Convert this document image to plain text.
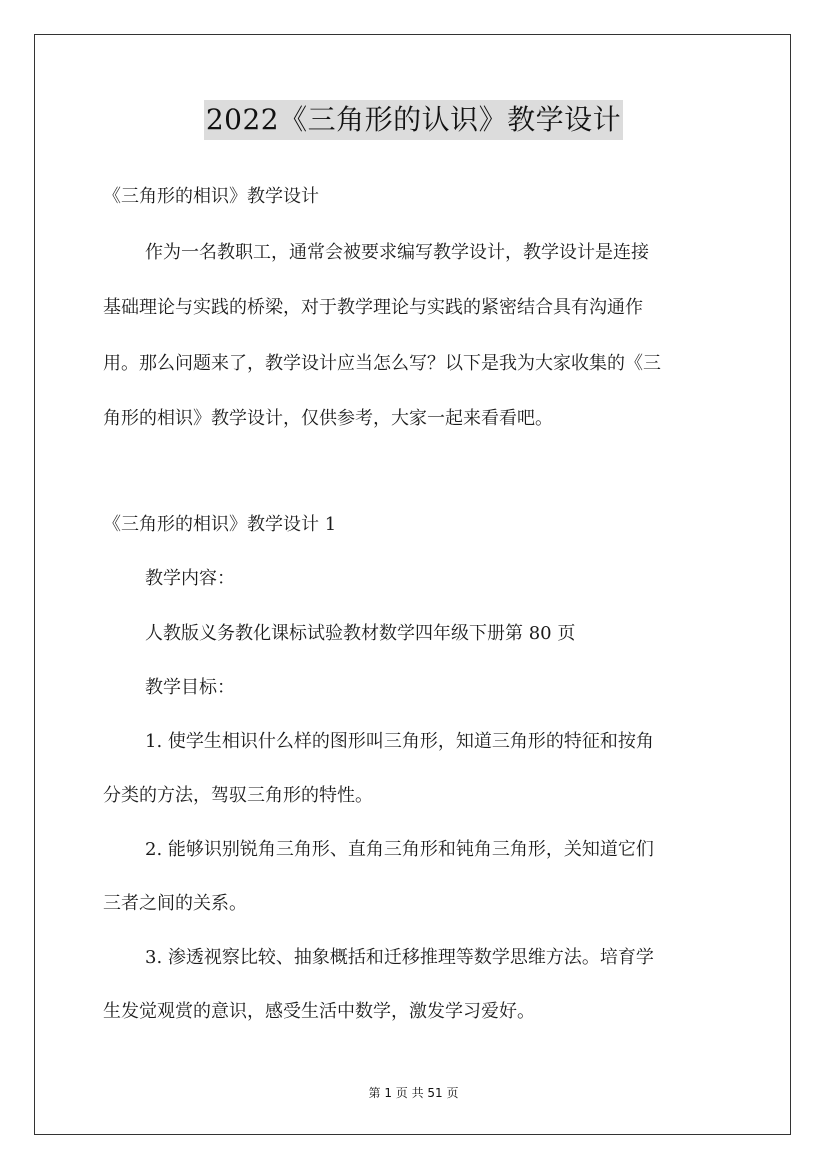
2022《三角形的认识》教学设计
《三角形的相识》教学设计
作为一名教职工，通常会被要求编写教学设计，教学设计是连接
基础理论与实践的桥梁，对于教学理论与实践的紧密结合具有沟通作
用。那么问题来了，教学设计应当怎么写？以下是我为大家收集的《三
角形的相识》教学设计，仅供参考，大家一起来看看吧。
《三角形的相识》教学设计 1
教学内容：
人教版义务教化课标试验教材数学四年级下册第 80 页
教学目标：
1. 使学生相识什么样的图形叫三角形，知道三角形的特征和按角
分类的方法，驾驭三角形的特性。
2. 能够识别锐角三角形、直角三角形和钝角三角形，关知道它们
三者之间的关系。
3. 渗透视察比较、抽象概括和迁移推理等数学思维方法。培育学
生发觉观赏的意识，感受生活中数学，激发学习爱好。
第 1 页 共 51 页
